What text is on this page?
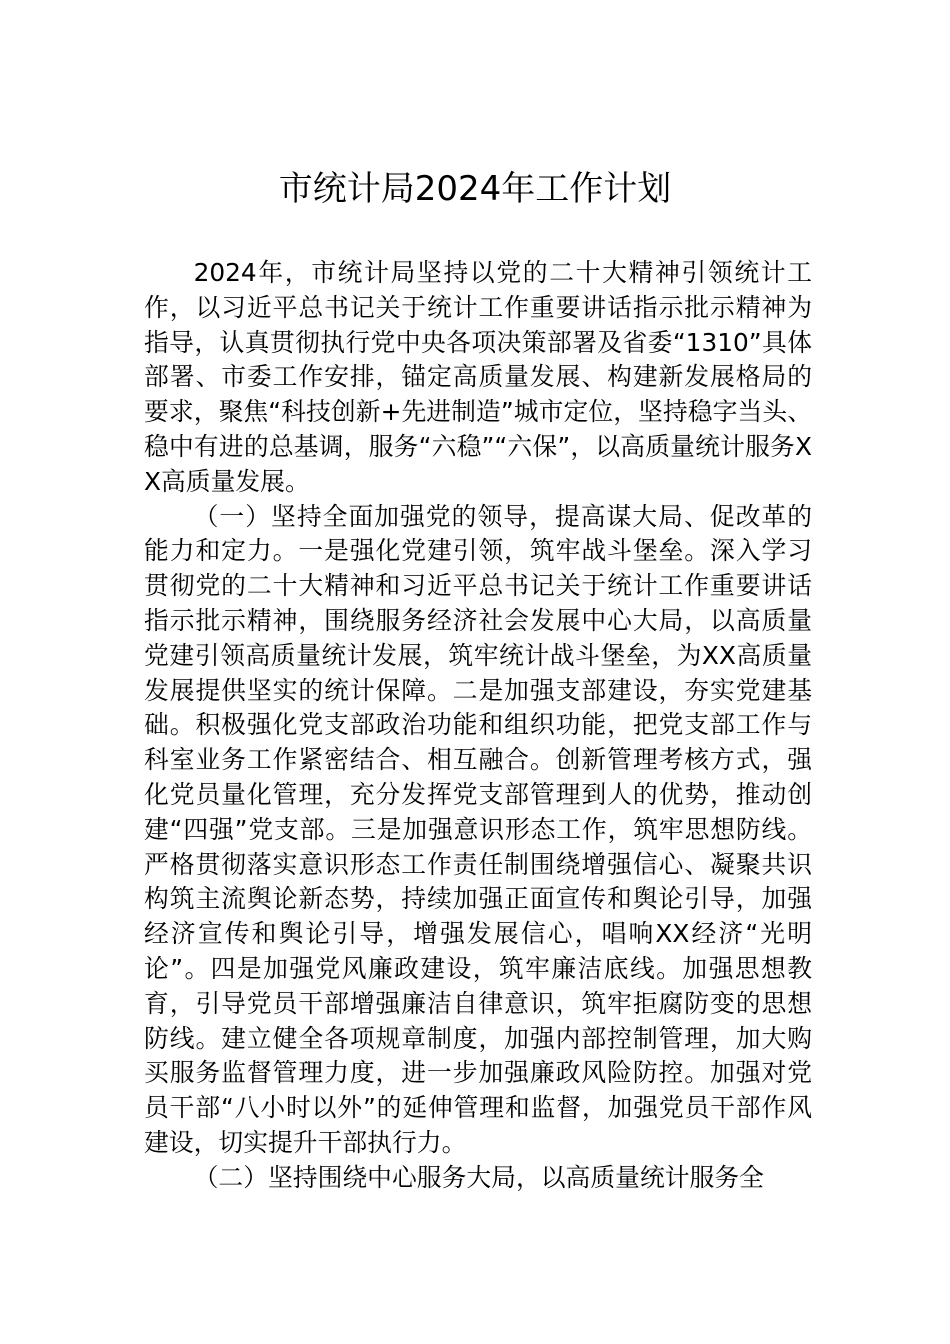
市统计局2024年工作计划

2024年，市统计局坚持以党的二十大精神引领统计工作，以习近平总书记关于统计工作重要讲话指示批示精神为指导，认真贯彻执行党中央各项决策部署及省委“1310”具体部署、市委工作安排，锚定高质量发展、构建新发展格局的要求，聚焦“科技创新+先进制造”城市定位，坚持稳字当头、稳中有进的总基调，服务“六稳”“六保”，以高质量统计服务XX高质量发展。

（一）坚持全面加强党的领导，提高谋大局、促改革的能力和定力。一是强化党建引领，筑牢战斗堡垒。深入学习贯彻党的二十大精神和习近平总书记关于统计工作重要讲话指示批示精神，围绕服务经济社会发展中心大局，以高质量党建引领高质量统计发展，筑牢统计战斗堡垒，为XX高质量发展提供坚实的统计保障。二是加强支部建设，夯实党建基础。积极强化党支部政治功能和组织功能，把党支部工作与科室业务工作紧密结合、相互融合。创新管理考核方式，强化党员量化管理，充分发挥党支部管理到人的优势，推动创建“四强”党支部。三是加强意识形态工作，筑牢思想防线。严格贯彻落实意识形态工作责任制围绕增强信心、凝聚共识构筑主流舆论新态势，持续加强正面宣传和舆论引导，加强经济宣传和舆论引导，增强发展信心，唱响XX经济“光明论”。四是加强党风廉政建设，筑牢廉洁底线。加强思想教育，引导党员干部增强廉洁自律意识，筑牢拒腐防变的思想防线。建立健全各项规章制度，加强内部控制管理，加大购买服务监督管理力度，进一步加强廉政风险防控。加强对党员干部“八小时以外”的延伸管理和监督，加强党员干部作风建设，切实提升干部执行力。

（二）坚持围绕中心服务大局，以高质量统计服务全
